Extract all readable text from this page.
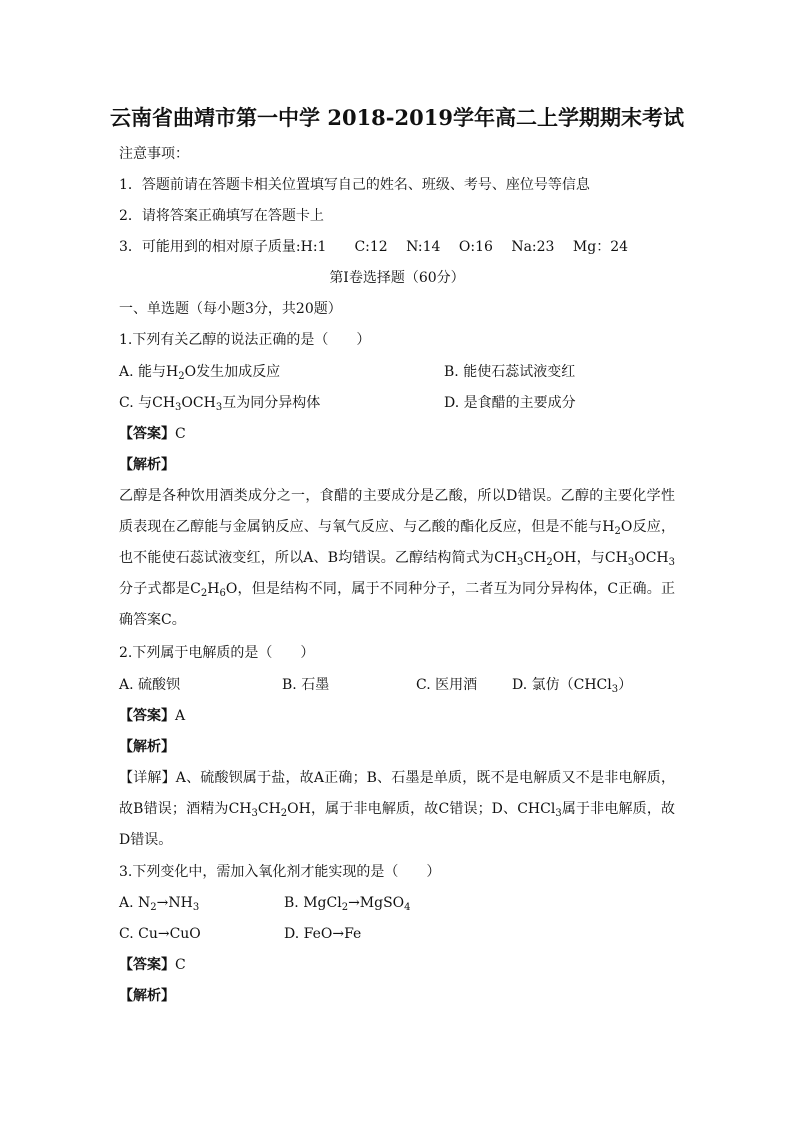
云南省曲靖市第一中学 2018-2019学年高二上学期期末考试
注意事项：
1．答题前请在答题卡相关位置填写自己的姓名、班级、考号、座位号等信息
2．请将答案正确填写在答题卡上
3．可能用到的相对原子质量:H:1　　C:12　 N:14　 O:16　 Na:23　 Mg：24
第I卷选择题（60分）
一、单选题（每小题3分，共20题）
1.下列有关乙醇的说法正确的是（　　）
A. 能与$H_2O$发生加成反应	B. 能使石蕊试液变红
C. 与$CH_3OCH_3$互为同分异构体	D. 是食醋的主要成分
【答案】C
【解析】
乙醇是各种饮用酒类成分之一，食醋的主要成分是乙酸，所以D错误。乙醇的主要化学性质表现在乙醇能与金属钠反应、与氧气反应、与乙酸的酯化反应，但是不能与$H_2O$反应，也不能使石蕊试液变红，所以A、B均错误。乙醇结构简式为$CH_3CH_2OH$，与$CH_3OCH_3$分子式都是$C_2H_6O$，但是结构不同，属于不同种分子，二者互为同分异构体，C正确。正确答案C。
2.下列属于电解质的是（　　）
A. 硫酸钡	B. 石墨	C. 医用酒 D. 氯仿（CHCl$_3$）
【答案】A
【解析】
【详解】A、硫酸钡属于盐，故A正确；B、石墨是单质，既不是电解质又不是非电解质，故B错误；酒精为$CH_3CH_2OH$，属于非电解质，故C错误；D、CHCl$_3$属于非电解质，故D错误。
3.下列变化中，需加入氧化剂才能实现的是（　　）
A. $N_2\to NH_3$	B. MgCl$_2$→MgSO$_4$
C. Cu→CuO	D. FeO→Fe
【答案】C
【解析】
